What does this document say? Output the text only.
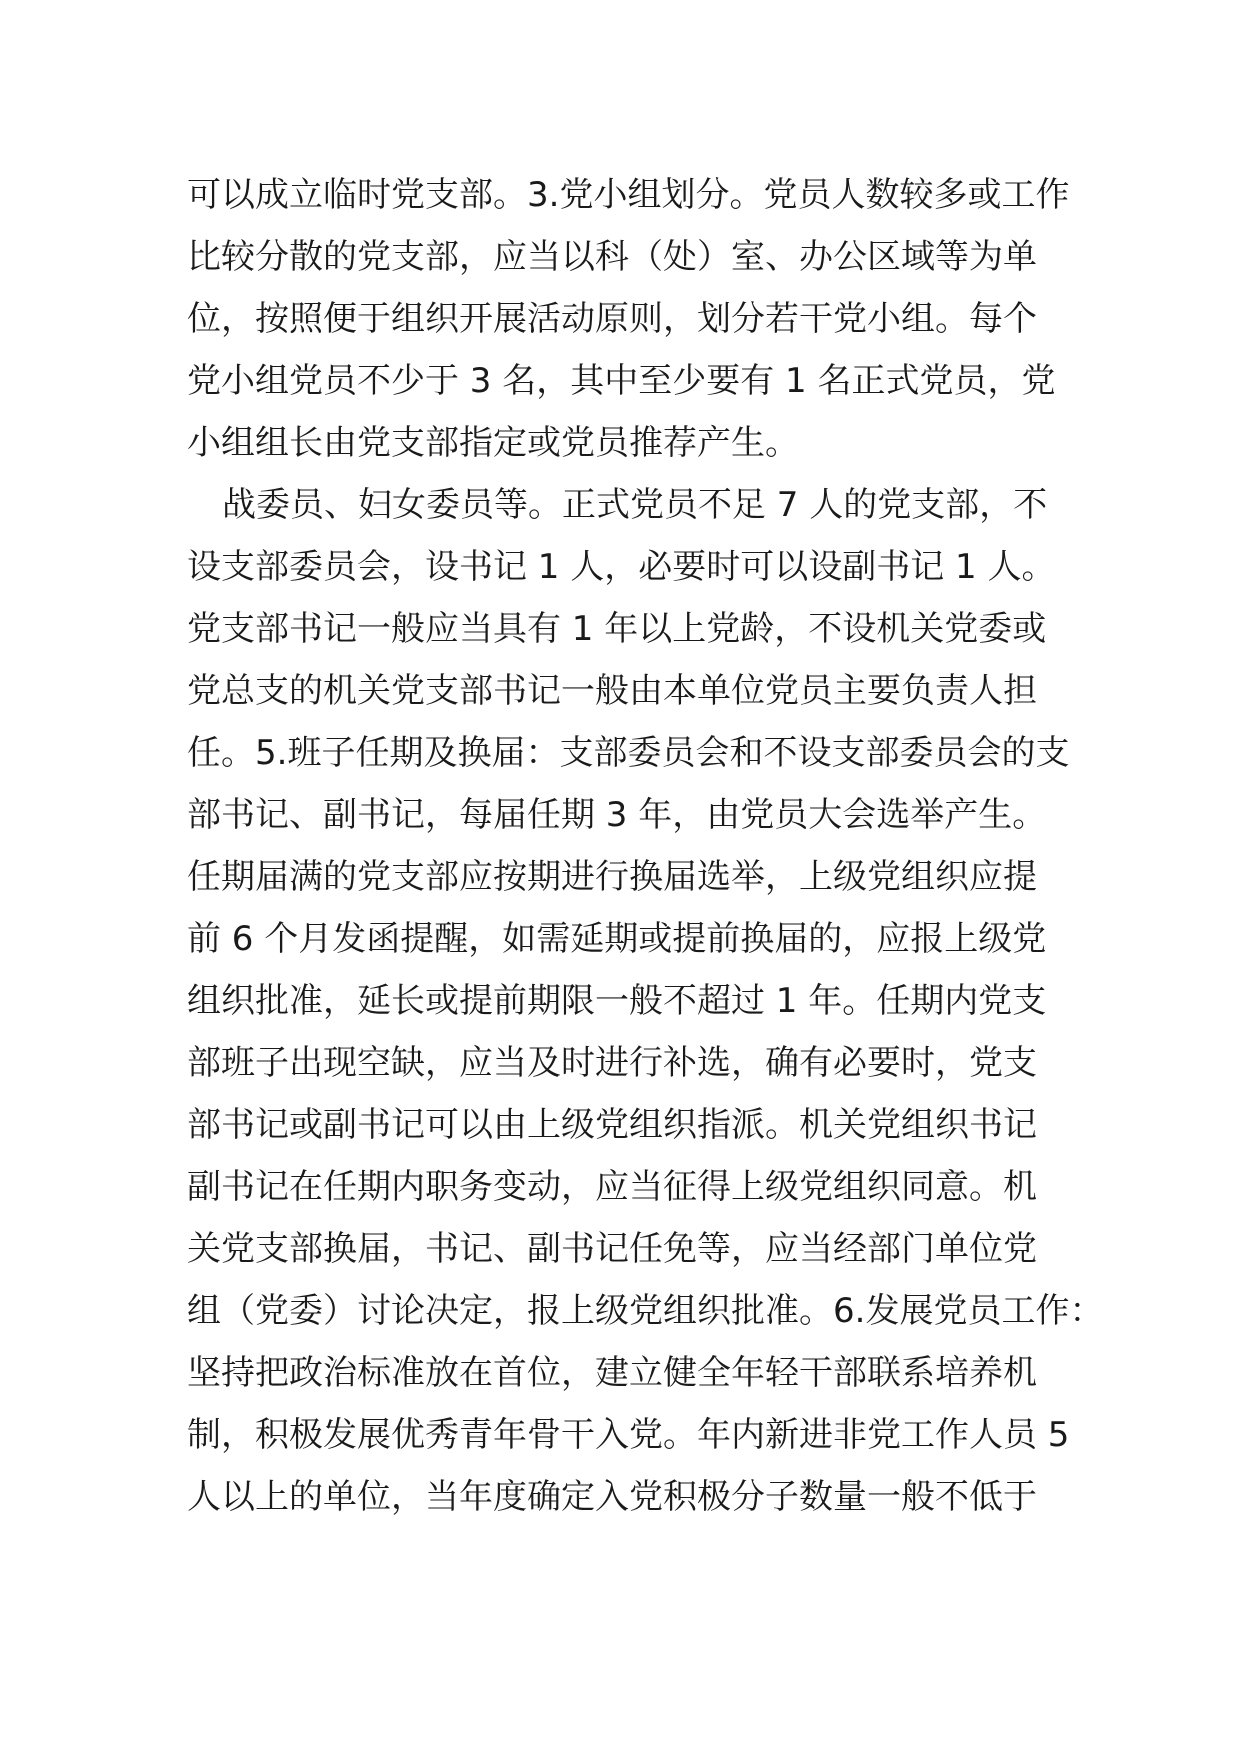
可以成立临时党支部。3.党小组划分。党员人数较多或工作
比较分散的党支部，应当以科（处）室、办公区域等为单
位，按照便于组织开展活动原则，划分若干党小组。每个
党小组党员不少于 3 名，其中至少要有 1 名正式党员，党
小组组长由党支部指定或党员推荐产生。
战委员、妇女委员等。正式党员不足 7 人的党支部，不
设支部委员会，设书记 1 人，必要时可以设副书记 1 人。
党支部书记一般应当具有 1 年以上党龄，不设机关党委或
党总支的机关党支部书记一般由本单位党员主要负责人担
任。5.班子任期及换届：支部委员会和不设支部委员会的支
部书记、副书记，每届任期 3 年，由党员大会选举产生。
任期届满的党支部应按期进行换届选举，上级党组织应提
前 6 个月发函提醒，如需延期或提前换届的，应报上级党
组织批准，延长或提前期限一般不超过 1 年。任期内党支
部班子出现空缺，应当及时进行补选，确有必要时，党支
部书记或副书记可以由上级党组织指派。机关党组织书记
副书记在任期内职务变动，应当征得上级党组织同意。机
关党支部换届，书记、副书记任免等，应当经部门单位党
组（党委）讨论决定，报上级党组织批准。6.发展党员工作：
坚持把政治标准放在首位，建立健全年轻干部联系培养机
制，积极发展优秀青年骨干入党。年内新进非党工作人员 5
人以上的单位，当年度确定入党积极分子数量一般不低于
